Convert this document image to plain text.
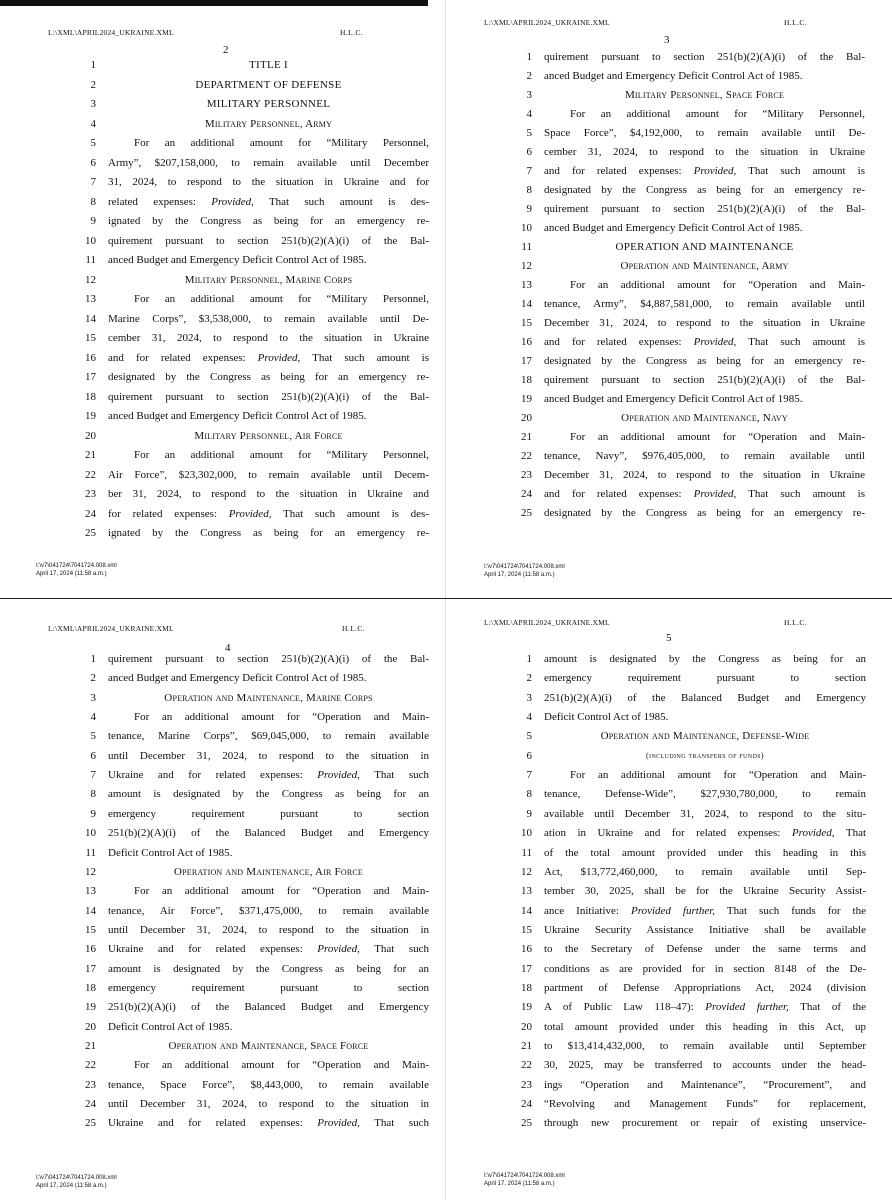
L:\XML\APRIL2024_UKRAINE.XML	H.L.C.
2
1	TITLE I
2	DEPARTMENT OF DEFENSE
3	MILITARY PERSONNEL
4	Military Personnel, Army
5	For an additional amount for “Military Personnel,
6 Army”, $207,158,000, to remain available until December
7 31, 2024, to respond to the situation in Ukraine and for
8 related expenses: Provided, That such amount is des-
9 ignated by the Congress as being for an emergency re-
10 quirement pursuant to section 251(b)(2)(A)(i) of the Bal-
11 anced Budget and Emergency Deficit Control Act of 1985.
12	Military Personnel, Marine Corps
13	For an additional amount for “Military Personnel,
14 Marine Corps”, $3,538,000, to remain available until De-
15 cember 31, 2024, to respond to the situation in Ukraine
16 and for related expenses: Provided, That such amount is
17 designated by the Congress as being for an emergency re-
18 quirement pursuant to section 251(b)(2)(A)(i) of the Bal-
19 anced Budget and Emergency Deficit Control Act of 1985.
20	Military Personnel, Air Force
21	For an additional amount for “Military Personnel,
22 Air Force”, $23,302,000, to remain available until Decem-
23 ber 31, 2024, to respond to the situation in Ukraine and
24 for related expenses: Provided, That such amount is des-
25 ignated by the Congress as being for an emergency re-
I:\v7\041724\7041724.008.xml
April 17, 2024 (11:58 a.m.)
L:\XML\APRIL2024_UKRAINE.XML	H.L.C.
3
1 quirement pursuant to section 251(b)(2)(A)(i) of the Bal-
2 anced Budget and Emergency Deficit Control Act of 1985.
3	Military Personnel, Space Force
4	For an additional amount for “Military Personnel,
5 Space Force”, $4,192,000, to remain available until De-
6 cember 31, 2024, to respond to the situation in Ukraine
7 and for related expenses: Provided, That such amount is
8 designated by the Congress as being for an emergency re-
9 quirement pursuant to section 251(b)(2)(A)(i) of the Bal-
10 anced Budget and Emergency Deficit Control Act of 1985.
11	OPERATION AND MAINTENANCE
12	Operation and Maintenance, Army
13	For an additional amount for “Operation and Main-
14 tenance, Army”, $4,887,581,000, to remain available until
15 December 31, 2024, to respond to the situation in Ukraine
16 and for related expenses: Provided, That such amount is
17 designated by the Congress as being for an emergency re-
18 quirement pursuant to section 251(b)(2)(A)(i) of the Bal-
19 anced Budget and Emergency Deficit Control Act of 1985.
20	Operation and Maintenance, Navy
21	For an additional amount for “Operation and Main-
22 tenance, Navy”, $976,405,000, to remain available until
23 December 31, 2024, to respond to the situation in Ukraine
24 and for related expenses: Provided, That such amount is
25 designated by the Congress as being for an emergency re-
I:\v7\041724\7041724.008.xml
April 17, 2024 (11:58 a.m.)
L:\XML\APRIL2024_UKRAINE.XML	H.L.C.
4
1 quirement pursuant to section 251(b)(2)(A)(i) of the Bal-
2 anced Budget and Emergency Deficit Control Act of 1985.
3	Operation and Maintenance, Marine Corps
4	For an additional amount for “Operation and Main-
5 tenance, Marine Corps”, $69,045,000, to remain available
6 until December 31, 2024, to respond to the situation in
7 Ukraine and for related expenses: Provided, That such
8 amount is designated by the Congress as being for an
9 emergency requirement pursuant to section
10 251(b)(2)(A)(i) of the Balanced Budget and Emergency
11 Deficit Control Act of 1985.
12	Operation and Maintenance, Air Force
13	For an additional amount for “Operation and Main-
14 tenance, Air Force”, $371,475,000, to remain available
15 until December 31, 2024, to respond to the situation in
16 Ukraine and for related expenses: Provided, That such
17 amount is designated by the Congress as being for an
18 emergency requirement pursuant to section
19 251(b)(2)(A)(i) of the Balanced Budget and Emergency
20 Deficit Control Act of 1985.
21	Operation and Maintenance, Space Force
22	For an additional amount for “Operation and Main-
23 tenance, Space Force”, $8,443,000, to remain available
24 until December 31, 2024, to respond to the situation in
25 Ukraine and for related expenses: Provided, That such
I:\v7\041724\7041724.008.xml
April 17, 2024 (11:58 a.m.)
L:\XML\APRIL2024_UKRAINE.XML	H.L.C.
5
1 amount is designated by the Congress as being for an
2 emergency requirement pursuant to section
3 251(b)(2)(A)(i) of the Balanced Budget and Emergency
4 Deficit Control Act of 1985.
5	Operation and Maintenance, Defense-Wide
6	(including transfers of funds)
7	For an additional amount for “Operation and Main-
8 tenance, Defense-Wide”, $27,930,780,000, to remain
9 available until December 31, 2024, to respond to the situ-
10 ation in Ukraine and for related expenses: Provided, That
11 of the total amount provided under this heading in this
12 Act, $13,772,460,000, to remain available until Sep-
13 tember 30, 2025, shall be for the Ukraine Security Assist-
14 ance Initiative: Provided further, That such funds for the
15 Ukraine Security Assistance Initiative shall be available
16 to the Secretary of Defense under the same terms and
17 conditions as are provided for in section 8148 of the De-
18 partment of Defense Appropriations Act, 2024 (division
19 A of Public Law 118–47): Provided further, That of the
20 total amount provided under this heading in this Act, up
21 to $13,414,432,000, to remain available until September
22 30, 2025, may be transferred to accounts under the head-
23 ings “Operation and Maintenance”, “Procurement”, and
24 “Revolving and Management Funds” for replacement,
25 through new procurement or repair of existing unservice-
I:\v7\041724\7041724.008.xml
April 17, 2024 (11:58 a.m.)
